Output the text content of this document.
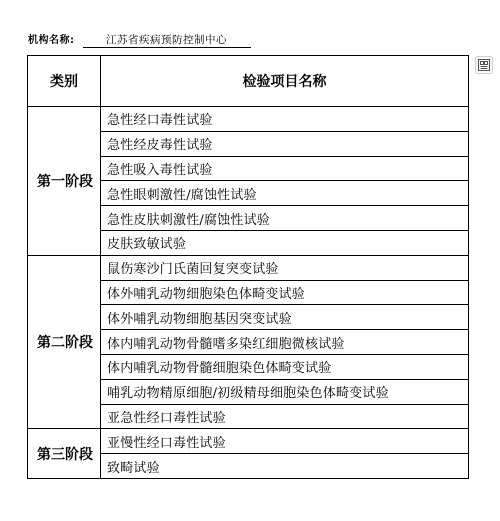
机构名称:	江苏省疾病预防控制中心
类别	检验项目名称
第一阶段	急性经口毒性试验
	急性经皮毒性试验
	急性吸入毒性试验
	急性眼刺激性/腐蚀性试验
	急性皮肤刺激性/腐蚀性试验
	皮肤致敏试验
第二阶段	鼠伤寒沙门氏菌回复突变试验
	体外哺乳动物细胞染色体畸变试验
	体外哺乳动物细胞基因突变试验
	体内哺乳动物骨髓嗜多染红细胞微核试验
	体内哺乳动物骨髓细胞染色体畸变试验
	哺乳动物精原细胞/初级精母细胞染色体畸变试验
	亚急性经口毒性试验
第三阶段	亚慢性经口毒性试验
	致畸试验
